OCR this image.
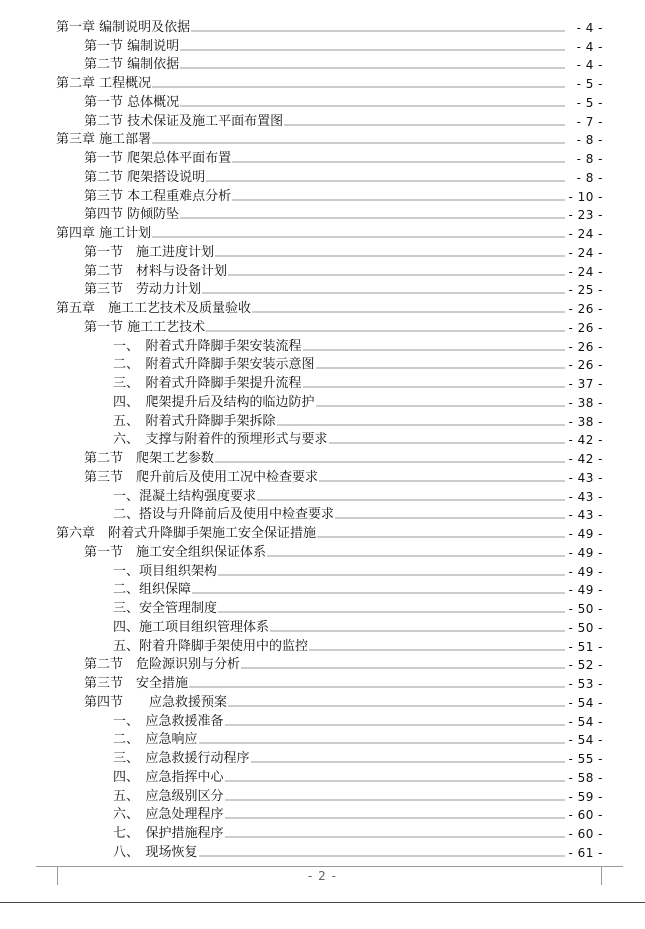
第一章 编制说明及依据	- 4 -
第一节 编制说明	- 4 -
第二节 编制依据	- 4 -
第二章 工程概况	- 5 -
第一节 总体概况	- 5 -
第二节 技术保证及施工平面布置图	- 7 -
第三章 施工部署	- 8 -
第一节 爬架总体平面布置	- 8 -
第二节 爬架搭设说明	- 8 -
第三节 本工程重难点分析	- 10 -
第四节 防倾防坠	- 23 -
第四章 施工计划	- 24 -
第一节　施工进度计划	- 24 -
第二节　材料与设备计划	- 24 -
第三节　劳动力计划	- 25 -
第五章　施工工艺技术及质量验收	- 26 -
第一节 施工工艺技术	- 26 -
一、　附着式升降脚手架安装流程	- 26 -
二、　附着式升降脚手架安装示意图	- 26 -
三、　附着式升降脚手架提升流程	- 37 -
四、　爬架提升后及结构的临边防护	- 38 -
五、　附着式升降脚手架拆除	- 38 -
六、　支撑与附着件的预埋形式与要求	- 42 -
第二节　爬架工艺参数	- 42 -
第三节　爬升前后及使用工况中检查要求	- 43 -
一、混凝土结构强度要求	- 43 -
二、搭设与升降前后及使用中检查要求	- 43 -
第六章　附着式升降脚手架施工安全保证措施	- 49 -
第一节　施工安全组织保证体系	- 49 -
一、项目组织架构	- 49 -
二、组织保障	- 49 -
三、安全管理制度	- 50 -
四、施工项目组织管理体系	- 50 -
五、附着升降脚手架使用中的监控	- 51 -
第二节　危险源识别与分析	- 52 -
第三节　安全措施	- 53 -
第四节　　应急救援预案	- 54 -
一、　应急救援准备	- 54 -
二、　应急响应	- 54 -
三、　应急救援行动程序	- 55 -
四、　应急指挥中心	- 58 -
五、　应急级别区分	- 59 -
六、　应急处理程序	- 60 -
七、　保护措施程序	- 60 -
八、　现场恢复	- 61 -
- 2 -
